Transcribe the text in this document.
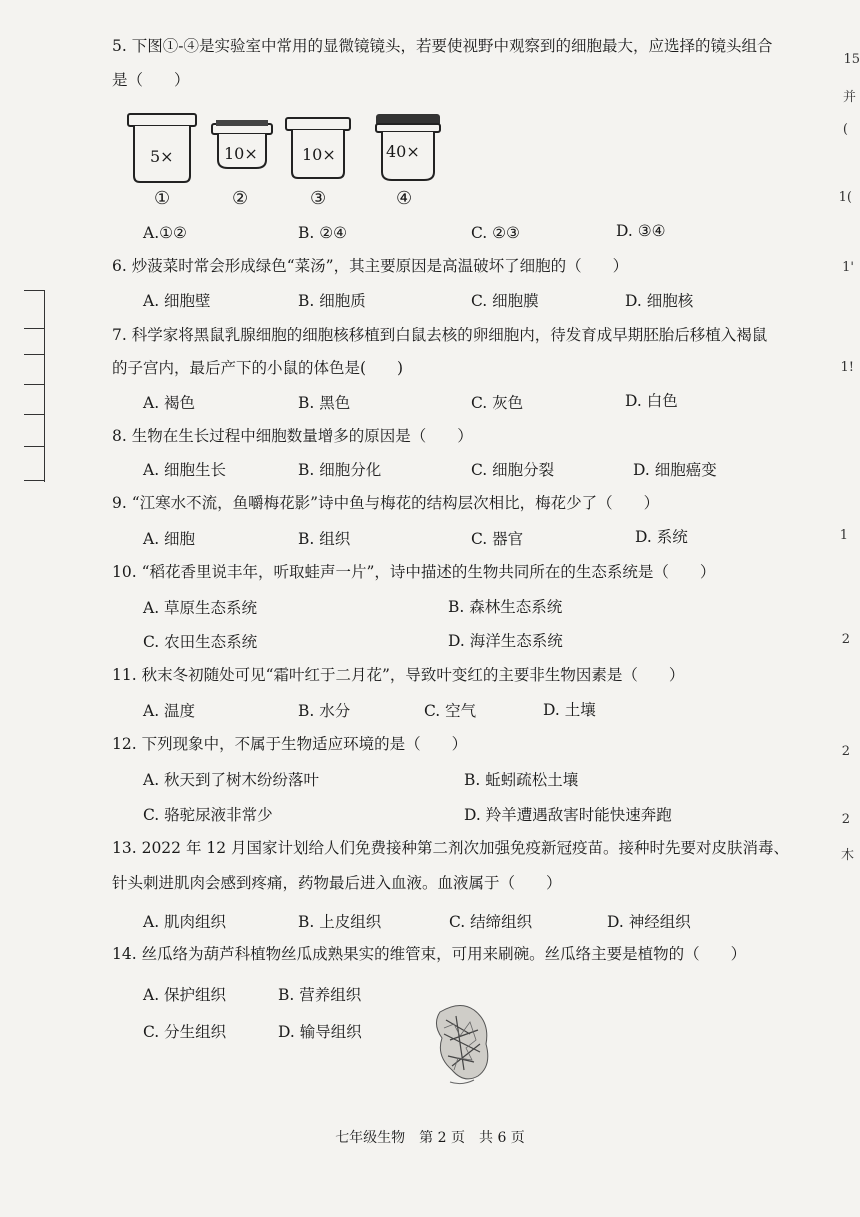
5. 下图①-④是实验室中常用的显微镜镜头，若要使视野中观察到的细胞最大，应选择的镜头组合
是（　　）
5×	10×	10×	40×
①	②	③	④
A.①②	B. ②④	C. ②③	D. ③④
6. 炒菠菜时常会形成绿色“菜汤”，其主要原因是高温破坏了细胞的（　　）
A. 细胞壁	B. 细胞质	C. 细胞膜	D. 细胞核
7. 科学家将黑鼠乳腺细胞的细胞核移植到白鼠去核的卵细胞内，待发育成早期胚胎后移植入褐鼠
的子宫内，最后产下的小鼠的体色是(　　)
A. 褐色	B. 黑色	C. 灰色	D. 白色
8. 生物在生长过程中细胞数量增多的原因是（　　）
A. 细胞生长	B. 细胞分化	C. 细胞分裂	D. 细胞癌变
9. “江寒水不流，鱼嚼梅花影”诗中鱼与梅花的结构层次相比，梅花少了（　　）
A. 细胞	B. 组织	C. 器官	D. 系统
10. “稻花香里说丰年，听取蛙声一片”，诗中描述的生物共同所在的生态系统是（　　）
A. 草原生态系统	B. 森林生态系统
C. 农田生态系统	D. 海洋生态系统
11. 秋末冬初随处可见“霜叶红于二月花”，导致叶变红的主要非生物因素是（　　）
A. 温度	B. 水分	C. 空气	D. 土壤
12. 下列现象中，不属于生物适应环境的是（　　）
A. 秋天到了树木纷纷落叶	B. 蚯蚓疏松土壤
C. 骆驼尿液非常少	D. 羚羊遭遇敌害时能快速奔跑
13. 2022 年 12 月国家计划给人们免费接种第二剂次加强免疫新冠疫苗。接种时先要对皮肤消毒、
针头刺进肌肉会感到疼痛，药物最后进入血液。血液属于（　　）
A. 肌肉组织	B. 上皮组织	C. 结缔组织	D. 神经组织
14. 丝瓜络为葫芦科植物丝瓜成熟果实的维管束，可用来刷碗。丝瓜络主要是植物的（　　）
A. 保护组织	B. 营养组织
C. 分生组织	D. 输导组织
15
并
(
1(
1'
1!
1
2
2
2
木
七年级生物　第 2 页　共 6 页
